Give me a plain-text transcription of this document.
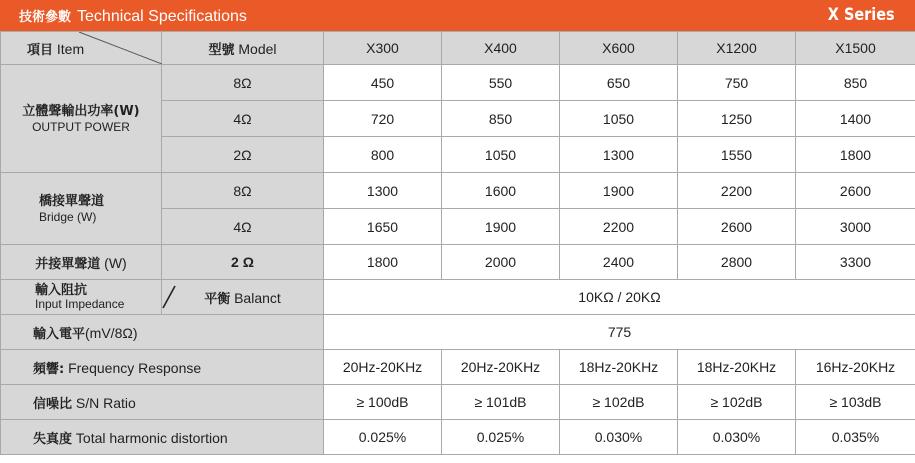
技術參數 Technical Specifications	X Series
項目 Item	型號 Model	X300	X400	X600	X1200	X1500
立體聲輸出功率(W)
OUTPUT POWER	8Ω	450	550	650	750	850
	4Ω	720	850	1050	1250	1400
	2Ω	800	1050	1300	1550	1800
橋接單聲道
Bridge (W)	8Ω	1300	1600	1900	2200	2600
	4Ω	1650	1900	2200	2600	3000
并接單聲道 (W)	2 Ω	1800	2000	2400	2800	3300
輸入阻抗
Input Impedance	平衡 Balanct	10KΩ / 20KΩ				
輸入電平(mV/8Ω)		775				
頻響: Frequency Response		20Hz-20KHz	20Hz-20KHz	18Hz-20KHz	18Hz-20KHz	16Hz-20KHz
信噪比 S/N Ratio		≥ 100dB	≥ 101dB	≥ 102dB	≥ 102dB	≥ 103dB
失真度 Total harmonic distortion		0.025%	0.025%	0.030%	0.030%	0.035%
